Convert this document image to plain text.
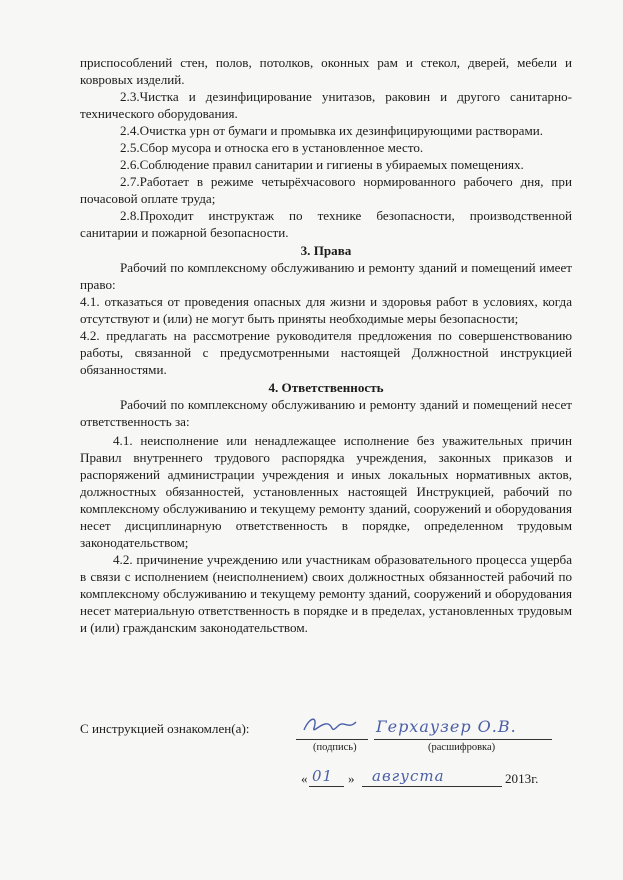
приспособлений стен, полов, потолков, оконных рам и стекол, дверей, мебели и ковровых изделий.

2.3.Чистка и дезинфицирование унитазов, раковин и другого санитарно-технического оборудования.

2.4.Очистка урн от бумаги и промывка их дезинфицирующими растворами.

2.5.Сбор мусора и относка его в установленное место.

2.6.Соблюдение правил санитарии и гигиены в убираемых помещениях.

2.7.Работает в режиме четырёхчасового нормированного рабочего дня, при почасовой оплате труда;

2.8.Проходит инструктаж по технике безопасности, производственной санитарии и пожарной безопасности.

3. Права

Рабочий по комплексному обслуживанию и ремонту зданий и помещений имеет право:

4.1. отказаться от проведения опасных для жизни и здоровья работ в условиях, когда отсутствуют и (или) не могут быть приняты необходимые меры безопасности;

4.2. предлагать на рассмотрение руководителя предложения по совершенствованию работы, связанной с предусмотренными настоящей Должностной инструкцией обязанностями.

4. Ответственность

Рабочий по комплексному обслуживанию и ремонту зданий и помещений несет ответственность за:

4.1. неисполнение или ненадлежащее исполнение без уважительных причин Правил внутреннего трудового распорядка учреждения, законных приказов и распоряжений администрации учреждения и иных локальных нормативных актов, должностных обязанностей, установленных настоящей Инструкцией, рабочий по комплексному обслуживанию и текущему ремонту зданий, сооружений и оборудования несет дисциплинарную ответственность в порядке, определенном трудовым законодательством;

4.2. причинение учреждению или участникам образовательного процесса ущерба в связи с исполнением (неисполнением) своих должностных обязанностей рабочий по комплексному обслуживанию и текущему ремонту зданий, сооружений и оборудования несет материальную ответственность в порядке и в пределах, установленных трудовым и (или) гражданским законодательством.

С инструкцией ознакомлен(а):
(подпись)
Герхаузер О.В.
(расшифровка)
« 01 » августа	2013г.
